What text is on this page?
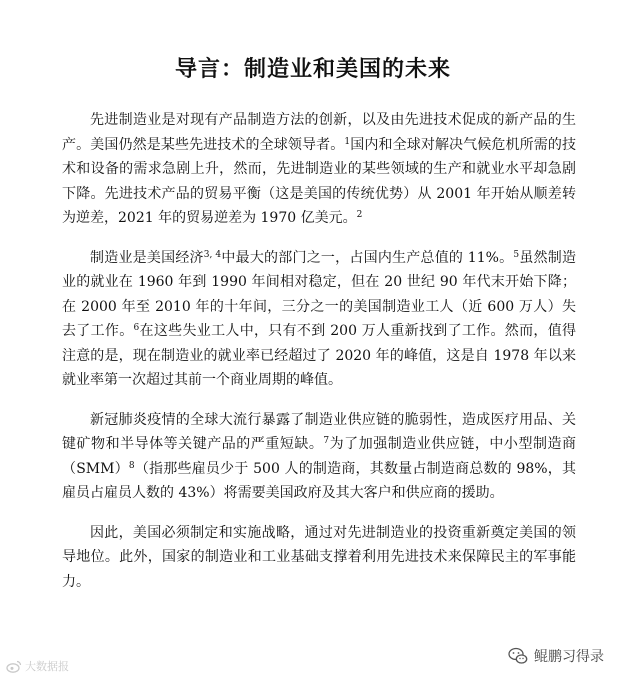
导言：制造业和美国的未来

先进制造业是对现有产品制造方法的创新，以及由先进技术促成的新产品的生产。美国仍然是某些先进技术的全球领导者。$^1$国内和全球对解决气候危机所需的技术和设备的需求急剧上升，然而，先进制造业的某些领域的生产和就业水平却急剧下降。先进技术产品的贸易平衡（这是美国的传统优势）从 2001 年开始从顺差转为逆差，2021 年的贸易逆差为 1970 亿美元。$^2$

制造业是美国经济$^{3, 4}$中最大的部门之一，占国内生产总值的 11%。$^5$虽然制造业的就业在 1960 年到 1990 年间相对稳定，但在 20 世纪 90 年代末开始下降；在 2000 年至 2010 年的十年间，三分之一的美国制造业工人（近 600 万人）失去了工作。$^6$在这些失业工人中，只有不到 200 万人重新找到了工作。然而，值得注意的是，现在制造业的就业率已经超过了 2020 年的峰值，这是自 1978 年以来就业率第一次超过其前一个商业周期的峰值。

新冠肺炎疫情的全球大流行暴露了制造业供应链的脆弱性，造成医疗用品、关键矿物和半导体等关键产品的严重短缺。$^7$为了加强制造业供应链，中小型制造商（SMM）$^8$（指那些雇员少于 500 人的制造商，其数量占制造商总数的 98%，其雇员占雇员人数的 43%）将需要美国政府及其大客户和供应商的援助。

因此，美国必须制定和实施战略，通过对先进制造业的投资重新奠定美国的领导地位。此外，国家的制造业和工业基础支撑着利用先进技术来保障民主的军事能力。

大数据报
鲲鹏习得录
